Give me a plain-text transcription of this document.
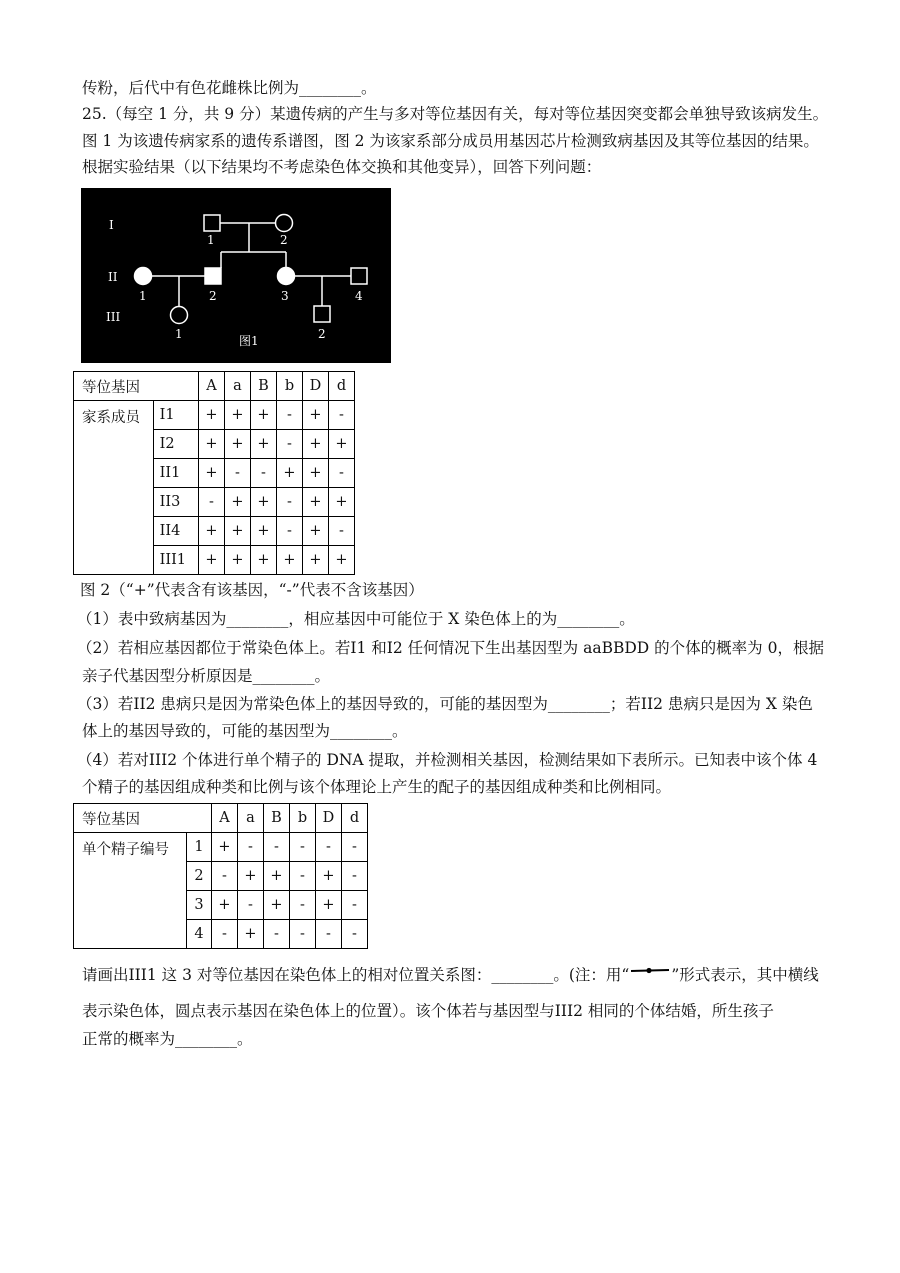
传粉，后代中有色花雌株比例为________。
25.（每空 1 分，共 9 分）某遗传病的产生与多对等位基因有关，每对等位基因突变都会单独导致该病发生。
图 1 为该遗传病家系的遗传系谱图，图 2 为该家系部分成员用基因芯片检测致病基因及其等位基因的结果。
根据实验结果（以下结果均不考虑染色体交换和其他变异），回答下列问题：
I
II
III
1	2
1	2	3	4
1	2
图1
等位基因		A	a	B	b	D	d
家系成员	I1	+	+	+	-	+	-
	I2	+	+	+	-	+	+
	II1	+	-	-	+	+	-
	II3	-	+	+	-	+	+
	II4	+	+	+	-	+	-
	III1	+	+	+	+	+	+
图 2（“+”代表含有该基因，“-”代表不含该基因）
（1）表中致病基因为________，相应基因中可能位于 X 染色体上的为________。
（2）若相应基因都位于常染色体上。若I1 和I2 任何情况下生出基因型为 aaBBDD 的个体的概率为 0，根据
亲子代基因型分析原因是________。
（3）若II2 患病只是因为常染色体上的基因导致的，可能的基因型为________；若II2 患病只是因为 X 染色
体上的基因导致的，可能的基因型为________。
（4）若对III2 个体进行单个精子的 DNA 提取，并检测相关基因，检测结果如下表所示。已知表中该个体 4
个精子的基因组成种类和比例与该个体理论上产生的配子的基因组成种类和比例相同。
等位基因		A	a	B	b	D	d
单个精子编号	1	+	-	-	-	-	-
	2	-	+	+	-	+	-
	3	+	-	+	-	+	-
	4	-	+	-	-	-	-
请画出III1 这 3 对等位基因在染色体上的相对位置关系图：________。(注：用“	”形式表示，其中横线
表示染色体，圆点表示基因在染色体上的位置）。该个体若与基因型与III2 相同的个体结婚，所生孩子
正常的概率为________。
